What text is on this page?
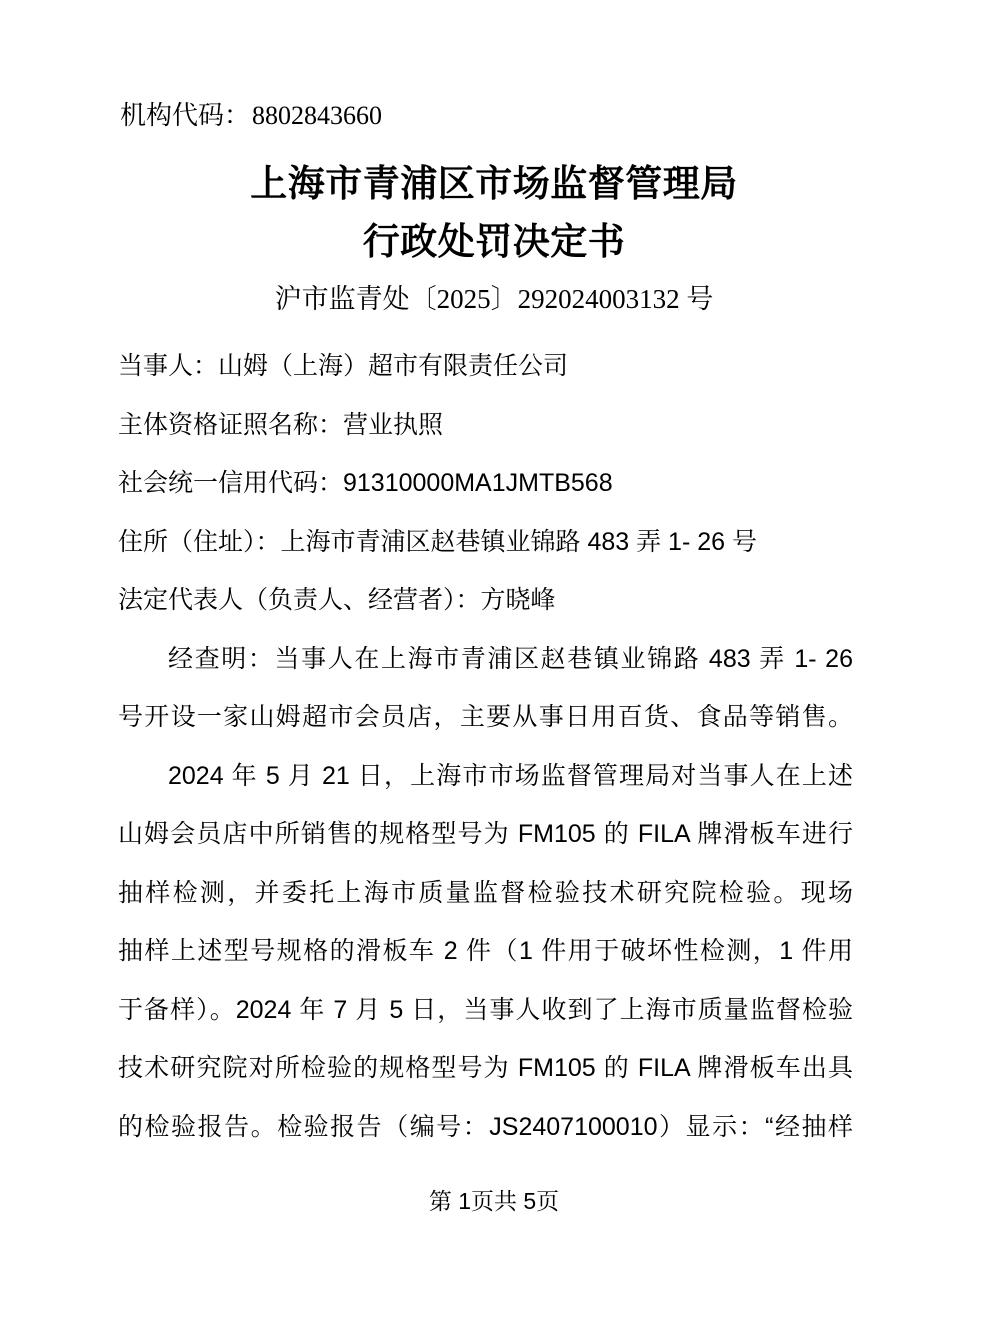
机构代码：8802843660
上海市青浦区市场监督管理局
行政处罚决定书
沪市监青处〔2025〕292024003132 号
当事人：山姆（上海）超市有限责任公司
主体资格证照名称：营业执照
社会统一信用代码：91310000MA1JMTB568
住所（住址）：上海市青浦区赵巷镇业锦路 483 弄 1- 26 号
法定代表人（负责人、经营者）：方晓峰
经查明：当事人在上海市青浦区赵巷镇业锦路 483 弄 1- 26
号开设一家山姆超市会员店，主要从事日用百货、食品等销售。
2024 年 5 月 21 日，上海市市场监督管理局对当事人在上述
山姆会员店中所销售的规格型号为 FM105 的 FILA 牌滑板车进行
抽样检测，并委托上海市质量监督检验技术研究院检验。现场
抽样上述型号规格的滑板车 2 件（1 件用于破坏性检测，1 件用
于备样）。2024 年 7 月 5 日，当事人收到了上海市质量监督检验
技术研究院对所检验的规格型号为 FM105 的 FILA 牌滑板车出具
的检验报告。检验报告（编号：JS2407100010）显示：“经抽样
第 1页共 5页
